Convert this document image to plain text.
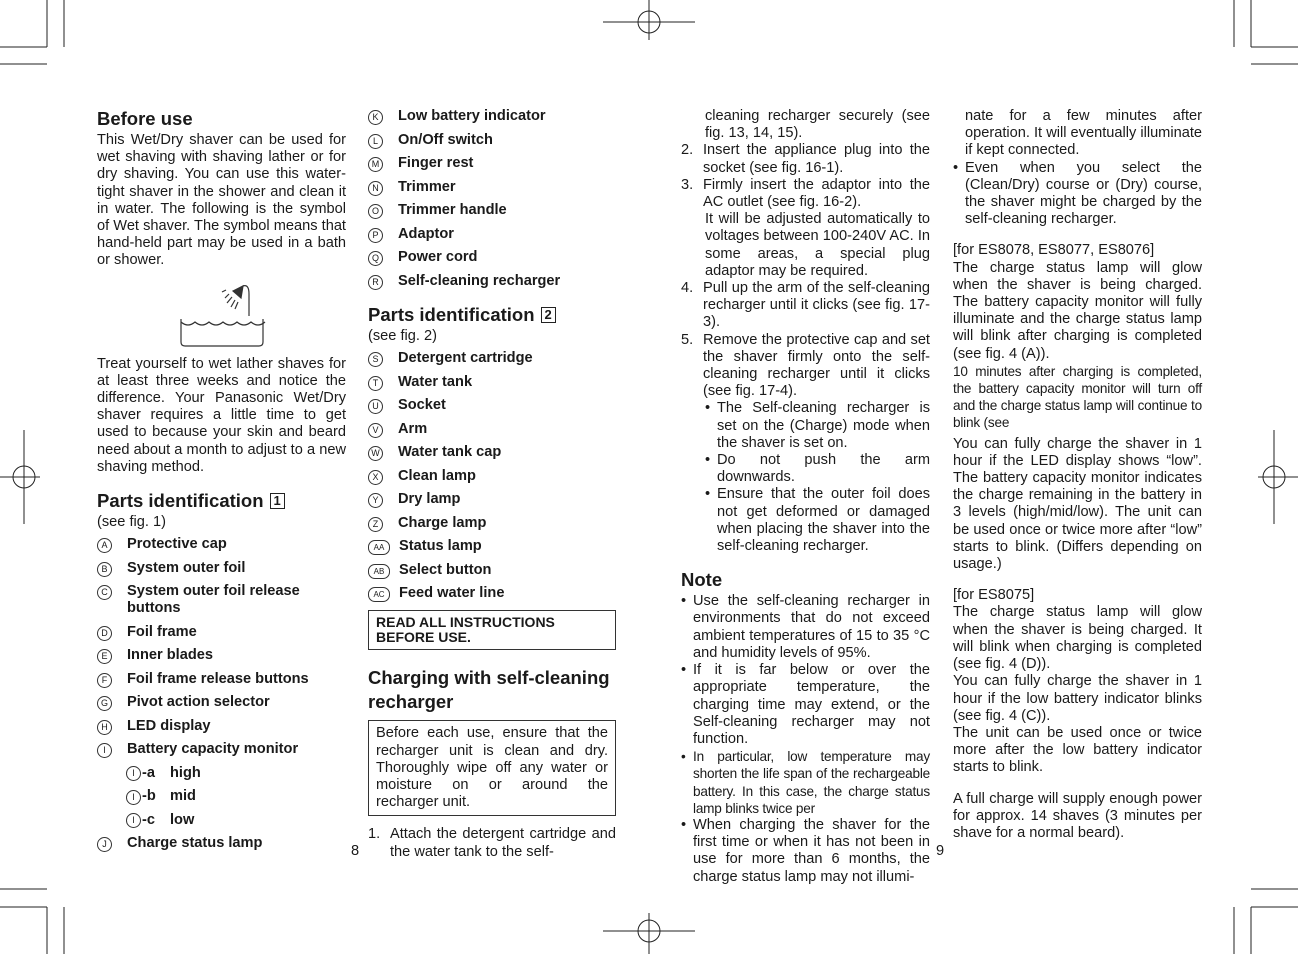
Before use

This Wet/Dry shaver can be used for wet shaving with shaving lather or for dry shaving. You can use this water-tight shaver in the shower and clean it in water. The following is the symbol of Wet shaver. The symbol means that hand-held part may be used in a bath or shower.

Treat yourself to wet lather shaves for at least three weeks and notice the difference. Your Panasonic Wet/Dry shaver requires a little time to get used to because your skin and beard need about a month to adjust to a new shaving method.

Parts identification 1

(see fig. 1)

A	Protective cap
B	System outer foil
C System outer foil release buttons
D Foil frame
E	Inner blades
F	Foil frame release buttons
G Pivot action selector
H LED display
I	Battery capacity monitor
I -a high
I -b mid
I -c low
J	Charge status lamp	8
K	Low battery indicator
L	On/Off switch
M Finger rest
N Trimmer
O Trimmer handle
P	Adaptor
Q Power cord
R Self-cleaning recharger
Parts identification 2

(see fig. 2)

S	Detergent cartridge
T	Water tank
U Socket
V	Arm
W Water tank cap
X	Clean lamp
Y	Dry lamp
Z	Charge lamp
AA	Status lamp
AB	Select button
AC Feed water line
READ ALL INSTRUCTIONS BEFORE USE.
Charging with self-cleaning recharger
Before each use, ensure that the recharger unit is clean and dry. Thoroughly wipe off any water or moisture on or around the recharger unit.
1. Attach the detergent cartridge and the water tank to the self-

cleaning recharger securely (see fig. 13, 14, 15).

2. Insert the appliance plug into the socket (see fig. 16-1).
3. Firmly insert the adaptor into the AC outlet (see fig. 16-2).

It will be adjusted automatically to voltages between 100-240V AC. In some areas, a special plug adaptor may be required.

4. Pull up the arm of the self-cleaning recharger until it clicks (see fig. 17-3).
5. Remove the protective cap and set the shaver firmly onto the self-cleaning recharger until it clicks (see fig. 17-4).
• The Self-cleaning recharger is set on the (Charge) mode when the shaver is set on.
• Do not push the arm downwards.
• Ensure that the outer foil does not get deformed or damaged when placing the shaver into the self-cleaning recharger.
Note
• Use the self-cleaning recharger in environments that do not exceed ambient temperatures of 15 to 35 °C and humidity levels of 95%.
• If it is far below or over the appropriate temperature, the charging time may extend, or the Self-cleaning recharger may not function.
• In particular, low temperature may shorten the life span of the rechargeable battery. In this case, the charge status lamp blinks twice per
• When charging the shaver for the first time or when it has not been in use for more than 6 months, the charge status lamp may not illumi-
9

nate for a few minutes after operation. It will eventually illuminate if kept connected.

• Even when you select the (Clean/Dry) course or (Dry) course, the shaver might be charged by the self-cleaning recharger.

[for ES8078, ES8077, ES8076]

The charge status lamp will glow when the shaver is being charged. The battery capacity monitor will fully illuminate and the charge status lamp will blink after charging is completed (see fig. 4 (A)).

10 minutes after charging is completed, the battery capacity monitor will turn off and the charge status lamp will continue to blink (see

You can fully charge the shaver in 1 hour if the LED display shows “low”. The battery capacity monitor indicates the charge remaining in the battery in 3 levels (high/mid/low). The unit can be used once or twice more after “low” starts to blink. (Differs depending on usage.)

[for ES8075]

The charge status lamp will glow when the shaver is being charged. It will blink when charging is completed (see fig. 4 (D)).

You can fully charge the shaver in 1 hour if the low battery indicator blinks (see fig. 4 (C)).

The unit can be used once or twice more after the low battery indicator starts to blink.

A full charge will supply enough power for approx. 14 shaves (3 minutes per shave for a normal beard).
